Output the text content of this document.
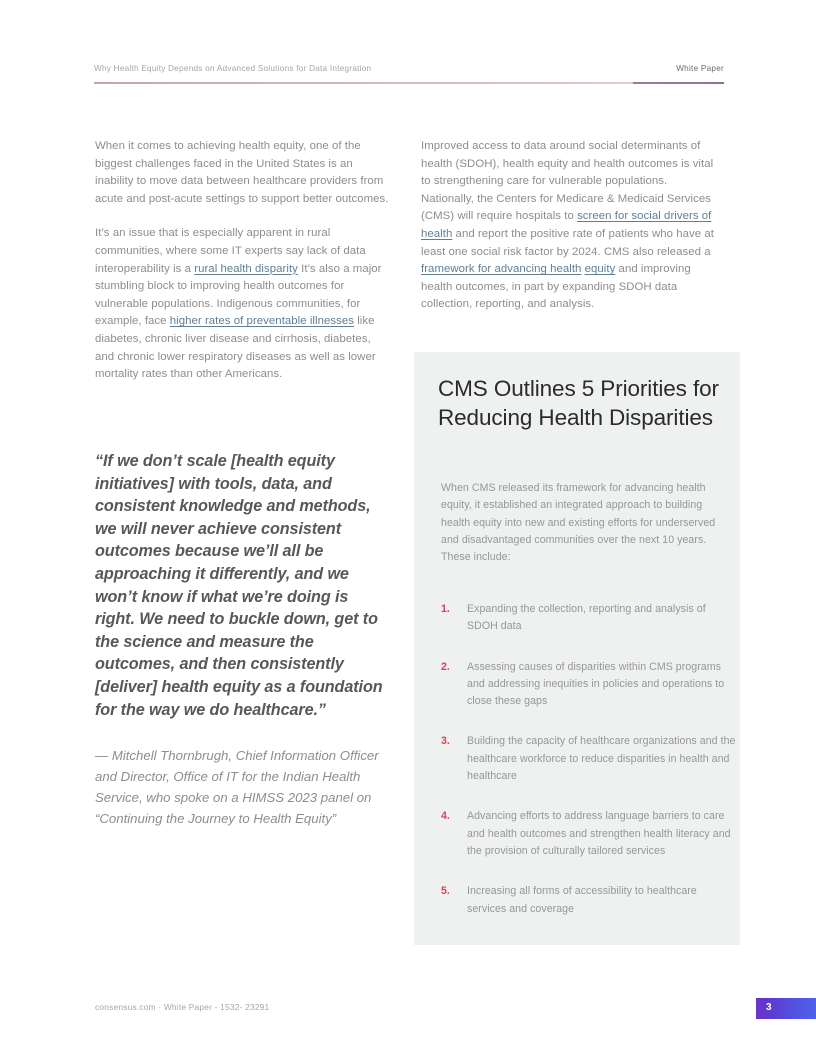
Why Health Equity Depends on Advanced Solutions for Data Integration	White Paper

When it comes to achieving health equity, one of the biggest challenges faced in the United States is an inability to move data between healthcare providers from acute and post-acute settings to support better outcomes.

It’s an issue that is especially apparent in rural communities, where some IT experts say lack of data interoperability is a rural health disparity It’s also a major stumbling block to improving health outcomes for vulnerable populations. Indigenous communities, for example, face higher rates of preventable illnesses like diabetes, chronic liver disease and cirrhosis, diabetes, and chronic lower respiratory diseases as well as lower mortality rates than other Americans.

“If we don’t scale [health equity initiatives] with tools, data, and consistent knowledge and methods, we will never achieve consistent outcomes because we’ll all be approaching it differently, and we won’t know if what we’re doing is right. We need to buckle down, get to the science and measure the outcomes, and then consistently [deliver] health equity as a foundation for the way we do healthcare.”

— Mitchell Thornbrugh, Chief Information Officer and Director, Office of IT for the Indian Health Service, who spoke on a HIMSS 2023 panel on “Continuing the Journey to Health Equity”

Improved access to data around social determinants of health (SDOH), health equity and health outcomes is vital to strengthening care for vulnerable populations. Nationally, the Centers for Medicare & Medicaid Services (CMS) will require hospitals to screen for social drivers of health and report the positive rate of patients who have at least one social risk factor by 2024. CMS also released a framework for advancing health equity and improving health outcomes, in part by expanding SDOH data collection, reporting, and analysis.

CMS Outlines 5 Priorities for Reducing Health Disparities

When CMS released its framework for advancing health equity, it established an integrated approach to building health equity into new and existing efforts for underserved and disadvantaged communities over the next 10 years. These include:

1.	Expanding the collection, reporting and analysis of SDOH data
2.	Assessing causes of disparities within CMS programs and addressing inequities in policies and operations to close these gaps
3.	Building the capacity of healthcare organizations and the healthcare workforce to reduce disparities in health and healthcare
4.	Advancing efforts to address language barriers to care and health outcomes and strengthen health literacy and the provision of culturally tailored services
5.	Increasing all forms of accessibility to healthcare services and coverage
consensus.com · White Paper - 1532- 23291	3
